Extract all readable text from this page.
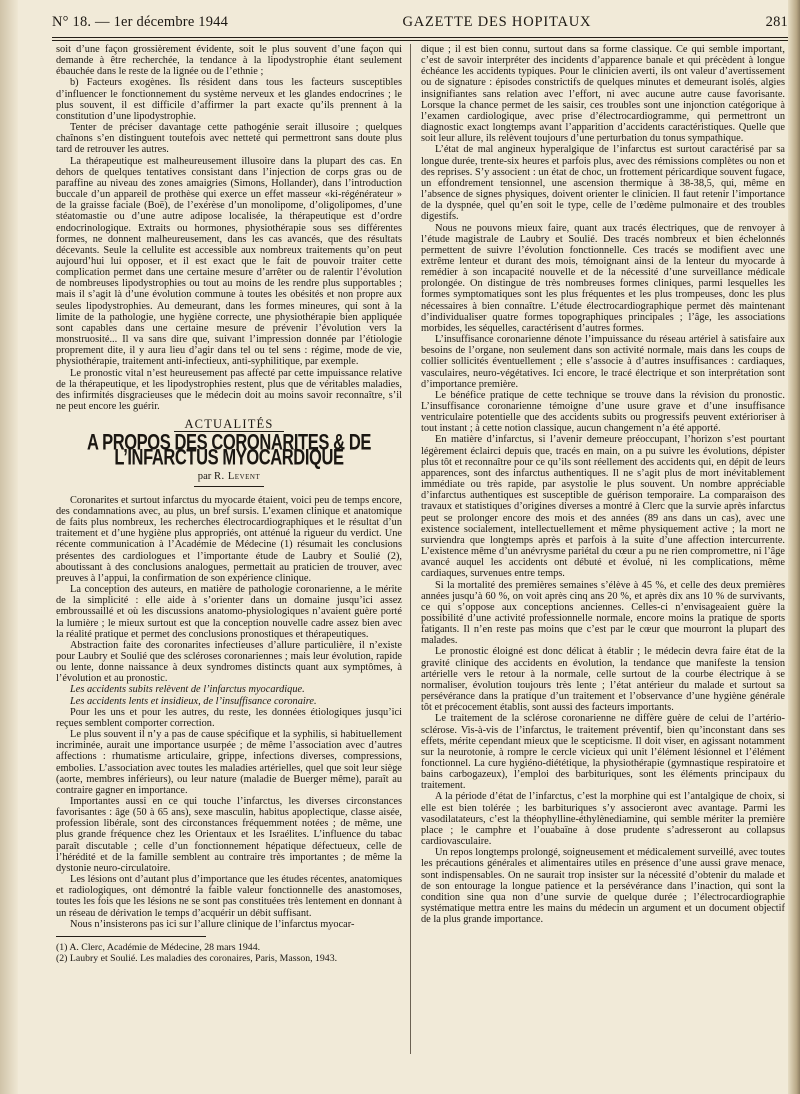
N° 18. — 1er décembre 1944	GAZETTE DES HOPITAUX	281

soit d’une façon grossièrement évidente, soit le plus souvent d’une façon qui demande à être recherchée, la tendance à la lipodystrophie étant seulement ébauchée dans le reste de la lignée ou de l’ethnie ;

b) Facteurs exogènes. Ils résident dans tous les facteurs susceptibles d’influencer le fonctionnement du système nerveux et les glandes endocrines ; le plus souvent, il est difficile d’affirmer la part exacte qu’ils prennent à la constitution d’une lipodystrophie.

Tenter de préciser davantage cette pathogénie serait illusoire ; quelques chaînons s’en distinguent toutefois avec netteté qui permettront sans doute plus tard de retrouver les autres.

La thérapeutique est malheureusement illusoire dans la plupart des cas. En dehors de quelques tentatives consistant dans l’injection de corps gras ou de paraffine au niveau des zones amaigries (Simons, Hollander), dans l’introduction buccale d’un appareil de prothèse qui exerce un effet masseur «ki-régénérateur » de la graisse faciale (Boë), de l’exérèse d’un monolipome, d’oligolipomes, d’une stéatomastie ou d’une autre adipose localisée, la thérapeutique est d’ordre endocrinologique. Extraits ou hormones, physiothérapie sous ses différentes formes, ne donnent malheureusement, dans les cas avancés, que des résultats décevants. Seule la cellulite est accessible aux nombreux traitements qu’on peut aujourd’hui lui opposer, et il est exact que le fait de pouvoir traiter cette complication permet dans une certaine mesure d’arrêter ou de ralentir l’évolution de nombreuses lipodystrophies ou tout au moins de les rendre plus supportables ; mais il s’agit là d’une évolution commune à toutes les obésités et non propre aux seules lipodystrophies. Au demeurant, dans les formes mineures, qui sont à la limite de la pathologie, une hygiène correcte, une physiothérapie bien appliquée sont capables dans une certaine mesure de prévenir l’évolution vers la monstruosité... Il va sans dire que, suivant l’impression donnée par l’étiologie proprement dite, il y aura lieu d’agir dans tel ou tel sens : régime, mode de vie, physiothérapie, traitement anti-infectieux, anti-syphilitique, par exemple.

Le pronostic vital n’est heureusement pas affecté par cette impuissance relative de la thérapeutique, et les lipodystrophies restent, plus que de véritables maladies, des infirmités disgracieuses que le médecin doit au moins savoir reconnaître, s’il ne peut encore les guérir.

ACTUALITÉS
A PROPOS DES CORONARITES & DE L’INFARCTUS MYOCARDIQUE
par R. Levent

Coronarites et surtout infarctus du myocarde étaient, voici peu de temps encore, des condamnations avec, au plus, un bref sursis. L’examen clinique et anatomique de faits plus nombreux, les recherches électrocardiographiques et le résultat d’un traitement et d’une hygiène plus appropriés, ont atténué la rigueur du verdict. Une récente communication à l’Académie de Médecine (1) résumait les conclusions présentes des cardiologues et l’importante étude de Laubry et Soulié (2), aboutissant à des conclusions analogues, permettait au praticien de trouver, avec preuves à l’appui, la confirmation de son expérience clinique.

La conception des auteurs, en matière de pathologie coronarienne, a le mérite de la simplicité : elle aide à s’orienter dans un domaine jusqu’ici assez embroussaillé et où les discussions anatomo-physiologiques n’avaient guère porté la lumière ; le mieux surtout est que la conception nouvelle cadre assez bien avec la réalité pratique et permet des conclusions pronostiques et thérapeutiques.

Abstraction faite des coronarites infectieuses d’allure particulière, il n’existe pour Laubry et Soulié que des scléroses coronariennes ; mais leur évolution, rapide ou lente, donne naissance à deux syndromes distincts quant aux symptômes, à l’évolution et au pronostic.

Les accidents subits relèvent de l’infarctus myocardique.

Les accidents lents et insidieux, de l’insuffisance coronaire.

Pour les uns et pour les autres, du reste, les données étiologiques jusqu’ici reçues semblent comporter correction.

Le plus souvent il n’y a pas de cause spécifique et la syphilis, si habituellement incriminée, aurait une importance usurpée ; de même l’association avec d’autres affections : rhumatisme articulaire, grippe, infections diverses, compressions, embolies. L’association avec toutes les maladies artérielles, quel que soit leur siège (aorte, membres inférieurs), ou leur nature (maladie de Buerger même), paraît au contraire gagner en importance.

Importantes aussi en ce qui touche l’infarctus, les diverses circonstances favorisantes : âge (50 à 65 ans), sexe masculin, habitus apoplectique, classe aisée, profession libérale, sont des circonstances fréquemment notées ; de même, une plus grande fréquence chez les Orientaux et les Israélites. L’influence du tabac paraît discutable ; celle d’un fonctionnement hépatique défectueux, celle de l’hérédité et de la famille semblent au contraire très importantes ; de même la dystonie neuro-circulatoire.

Les lésions ont d’autant plus d’importance que les études récentes, anatomiques et radiologiques, ont démontré la faible valeur fonctionnelle des anastomoses, toutes les fois que les lésions ne se sont pas constituées très lentement en donnant à un réseau de dérivation le temps d’acquérir un débit suffisant.

Nous n’insisterons pas ici sur l’allure clinique de l’infarctus myocar-

(1) A. Clerc, Académie de Médecine, 28 mars 1944.

(2) Laubry et Soulié. Les maladies des coronaires, Paris, Masson, 1943.

dique ; il est bien connu, surtout dans sa forme classique. Ce qui semble important, c’est de savoir interpréter des incidents d’apparence banale et qui précèdent à longue échéance les accidents typiques. Pour le clinicien averti, ils ont valeur d’avertissement ou de signature : épisodes constrictifs de quelques minutes et demeurant isolés, algies insignifiantes sans relation avec l’effort, ni avec aucune autre cause favorisante. Lorsque la chance permet de les saisir, ces troubles sont une injonction catégorique à l’examen cardiologique, avec prise d’électrocardiogramme, qui permettront un diagnostic exact longtemps avant l’apparition d’accidents caractéristiques. Quelle que soit leur allure, ils relèvent toujours d’une perturbation du tonus sympathique.

L’état de mal angineux hyperalgique de l’infarctus est surtout caractérisé par sa longue durée, trente-six heures et parfois plus, avec des rémissions complètes ou non et des reprises. S’y associent : un état de choc, un frottement péricardique souvent fugace, un effondrement tensionnel, une ascension thermique à 38-38,5, qui, même en l’absence de signes physiques, doivent orienter le clinicien. Il faut retenir l’importance de la dyspnée, quel qu’en soit le type, celle de l’œdème pulmonaire et des troubles digestifs.

Nous ne pouvons mieux faire, quant aux tracés électriques, que de renvoyer à l’étude magistrale de Laubry et Soulié. Des tracés nombreux et bien échelonnés permettent de suivre l’évolution fonctionnelle. Ces tracés se modifient avec une extrême lenteur et durant des mois, témoignant ainsi de la lenteur du myocarde à remédier à son incapacité nouvelle et de la nécessité d’une surveillance médicale prolongée. On distingue de très nombreuses formes cliniques, parmi lesquelles les formes symptomatiques sont les plus fréquentes et les plus trompeuses, donc les plus nécessaires à bien connaître. L’étude électrocardiographique permet dès maintenant d’individualiser quatre formes topographiques principales ; l’âge, les associations morbides, les séquelles, caractérisent d’autres formes.

L’insuffisance coronarienne dénote l’impuissance du réseau artériel à satisfaire aux besoins de l’organe, non seulement dans son activité normale, mais dans les coups de collier sollicités éventuellement ; elle s’associe à d’autres insuffisances : cardiaques, vasculaires, neuro-végétatives. Ici encore, le tracé électrique et son interprétation sont d’importance première.

Le bénéfice pratique de cette technique se trouve dans la révision du pronostic. L’insuffisance coronarienne témoigne d’une usure grave et d’une insuffisance ventriculaire potentielle que des accidents subits ou progressifs peuvent extérioriser à tout instant ; à cette notion classique, aucun changement n’a été apporté.

En matière d’infarctus, si l’avenir demeure préoccupant, l’horizon s’est pourtant légèrement éclairci depuis que, tracés en main, on a pu suivre les évolutions, dépister plus tôt et reconnaître pour ce qu’ils sont réellement des accidents qui, en dépit de leurs apparences, sont des infarctus authentiques. Il ne s’agit plus de mort inévitablement immédiate ou très rapide, par asystolie le plus souvent. Un nombre appréciable d’infarctus authentiques est susceptible de guérison temporaire. La comparaison des travaux et statistiques d’origines diverses a montré à Clerc que la survie après infarctus peut se prolonger encore des mois et des années (89 ans dans un cas), avec une existence socialement, intellectuellement et même physiquement active ; la mort ne surviendra que longtemps après et parfois à la suite d’une affection intercurrente. L’existence même d’un anévrysme pariétal du cœur a pu ne rien compromettre, ni l’âge avancé auquel les accidents ont débuté et évolué, ni les complications, même cardiaques, survenues entre temps.

Si la mortalité des premières semaines s’élève à 45 %, et celle des deux premières années jusqu’à 60 %, on voit après cinq ans 20 %, et après dix ans 10 % de survivants, ce qui s’oppose aux conceptions anciennes. Celles-ci n’envisageaient guère la possibilité d’une activité professionnelle normale, encore moins la pratique de sports fatigants. Il n’en reste pas moins que c’est par le cœur que mourront la plupart des malades.

Le pronostic éloigné est donc délicat à établir ; le médecin devra faire état de la gravité clinique des accidents en évolution, la tendance que manifeste la tension artérielle vers le retour à la normale, celle surtout de la courbe électrique à se normaliser, évolution toujours très lente ; l’état antérieur du malade et surtout sa persévérance dans la pratique d’un traitement et l’observance d’une hygiène générale tôt et précocement établis, sont aussi des facteurs importants.

Le traitement de la sclérose coronarienne ne diffère guère de celui de l’artério-sclérose. Vis-à-vis de l’infarctus, le traitement préventif, bien qu’inconstant dans ses effets, mérite cependant mieux que le scepticisme. Il doit viser, en agissant notamment sur la neurotonie, à rompre le cercle vicieux qui unit l’élément lésionnel et l’élément fonctionnel. La cure hygiéno-diététique, la physiothérapie (gymnastique respiratoire et bains carbogazeux), l’emploi des barbituriques, sont les éléments principaux du traitement.

A la période d’état de l’infarctus, c’est la morphine qui est l’antalgique de choix, si elle est bien tolérée ; les barbituriques s’y associeront avec avantage. Parmi les vasodilatateurs, c’est la théophylline-éthylènediamine, qui semble mériter la première place ; le camphre et l’ouabaïne à dose prudente s’adresseront au collapsus cardiovasculaire.

Un repos longtemps prolongé, soigneusement et médicalement surveillé, avec toutes les précautions générales et alimentaires utiles en présence d’une aussi grave menace, sont indispensables. On ne saurait trop insister sur la nécessité d’obtenir du malade et de son entourage la longue patience et la persévérance dans l’inaction, qui sont la condition sine qua non d’une survie de quelque durée ; l’électrocardiographie systématique mettra entre les mains du médecin un argument et un document objectif de la plus grande importance.
